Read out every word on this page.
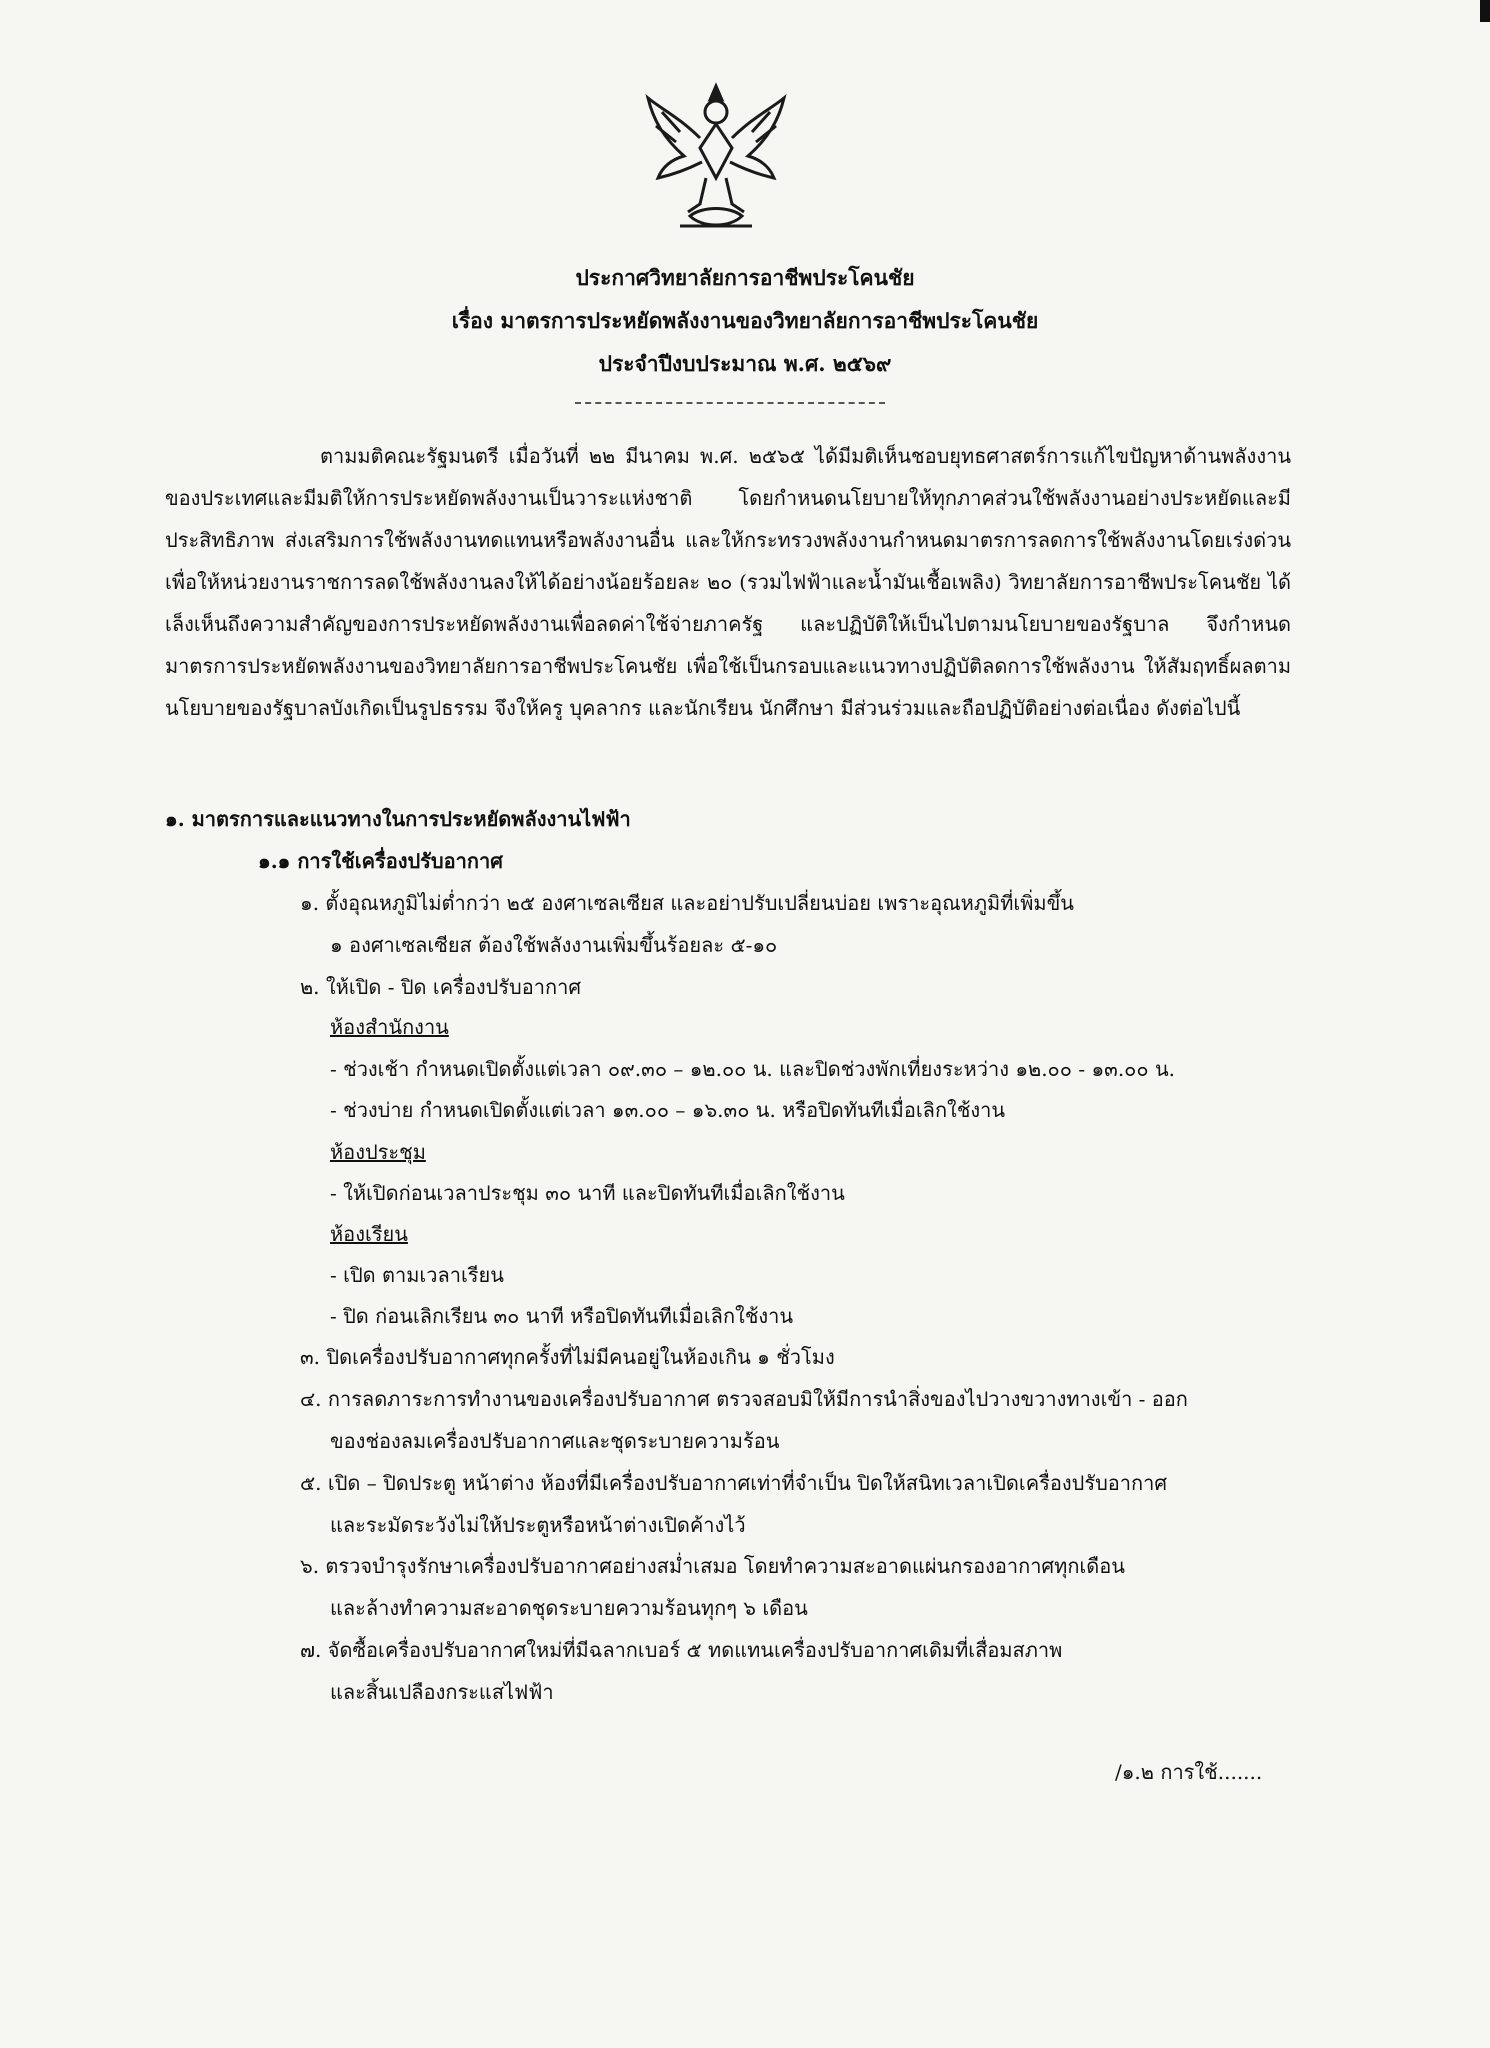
ประกาศวิทยาลัยการอาชีพประโคนชัย
เรื่อง มาตรการประหยัดพลังงานของวิทยาลัยการอาชีพประโคนชัย
ประจำปีงบประมาณ พ.ศ. ๒๕๖๙
ตามมติคณะรัฐมนตรี เมื่อวันที่ ๒๒ มีนาคม พ.ศ. ๒๕๖๕ ได้มีมติเห็นชอบยุทธศาสตร์การแก้ไขปัญหาด้านพลังงานของประเทศและมีมติให้การประหยัดพลังงานเป็นวาระแห่งชาติ โดยกำหนดนโยบายให้ทุกภาคส่วนใช้พลังงานอย่างประหยัดและมีประสิทธิภาพ ส่งเสริมการใช้พลังงานทดแทนหรือพลังงานอื่น และให้กระทรวงพลังงานกำหนดมาตรการลดการใช้พลังงานโดยเร่งด่วน เพื่อให้หน่วยงานราชการลดใช้พลังงานลงให้ได้อย่างน้อยร้อยละ ๒๐ (รวมไฟฟ้าและน้ำมันเชื้อเพลิง) วิทยาลัยการอาชีพประโคนชัย ได้เล็งเห็นถึงความสำคัญของการประหยัดพลังงานเพื่อลดค่าใช้จ่ายภาครัฐ และปฏิบัติให้เป็นไปตามนโยบายของรัฐบาล จึงกำหนดมาตรการประหยัดพลังงานของวิทยาลัยการอาชีพประโคนชัย เพื่อใช้เป็นกรอบและแนวทางปฏิบัติลดการใช้พลังงาน ให้สัมฤทธิ์ผลตามนโยบายของรัฐบาลบังเกิดเป็นรูปธรรม จึงให้ครู บุคลากร และนักเรียน นักศึกษา มีส่วนร่วมและถือปฏิบัติอย่างต่อเนื่อง ดังต่อไปนี้
๑. มาตรการและแนวทางในการประหยัดพลังงานไฟฟ้า
๑.๑ การใช้เครื่องปรับอากาศ
๑. ตั้งอุณหภูมิไม่ต่ำกว่า ๒๕ องศาเซลเซียส และอย่าปรับเปลี่ยนบ่อย เพราะอุณหภูมิที่เพิ่มขึ้น
๑ องศาเซลเซียส ต้องใช้พลังงานเพิ่มขึ้นร้อยละ ๕-๑๐
๒. ให้เปิด - ปิด เครื่องปรับอากาศ
ห้องสำนักงาน
- ช่วงเช้า กำหนดเปิดตั้งแต่เวลา ๐๙.๓๐ – ๑๒.๐๐ น. และปิดช่วงพักเที่ยงระหว่าง ๑๒.๐๐ - ๑๓.๐๐ น.
- ช่วงบ่าย กำหนดเปิดตั้งแต่เวลา ๑๓.๐๐ – ๑๖.๓๐ น. หรือปิดทันทีเมื่อเลิกใช้งาน
ห้องประชุม
- ให้เปิดก่อนเวลาประชุม ๓๐ นาที และปิดทันทีเมื่อเลิกใช้งาน
ห้องเรียน
- เปิด ตามเวลาเรียน
- ปิด ก่อนเลิกเรียน ๓๐ นาที หรือปิดทันทีเมื่อเลิกใช้งาน
๓. ปิดเครื่องปรับอากาศทุกครั้งที่ไม่มีคนอยู่ในห้องเกิน ๑ ชั่วโมง
๔. การลดภาระการทำงานของเครื่องปรับอากาศ ตรวจสอบมิให้มีการนำสิ่งของไปวางขวางทางเข้า - ออก
ของช่องลมเครื่องปรับอากาศและชุดระบายความร้อน
๕. เปิด – ปิดประตู หน้าต่าง ห้องที่มีเครื่องปรับอากาศเท่าที่จำเป็น ปิดให้สนิทเวลาเปิดเครื่องปรับอากาศ
และระมัดระวังไม่ให้ประตูหรือหน้าต่างเปิดค้างไว้
๖. ตรวจบำรุงรักษาเครื่องปรับอากาศอย่างสม่ำเสมอ โดยทำความสะอาดแผ่นกรองอากาศทุกเดือน
และล้างทำความสะอาดชุดระบายความร้อนทุกๆ ๖ เดือน
๗. จัดซื้อเครื่องปรับอากาศใหม่ที่มีฉลากเบอร์ ๕ ทดแทนเครื่องปรับอากาศเดิมที่เสื่อมสภาพ
และสิ้นเปลืองกระแสไฟฟ้า
/๑.๒ การใช้.......
